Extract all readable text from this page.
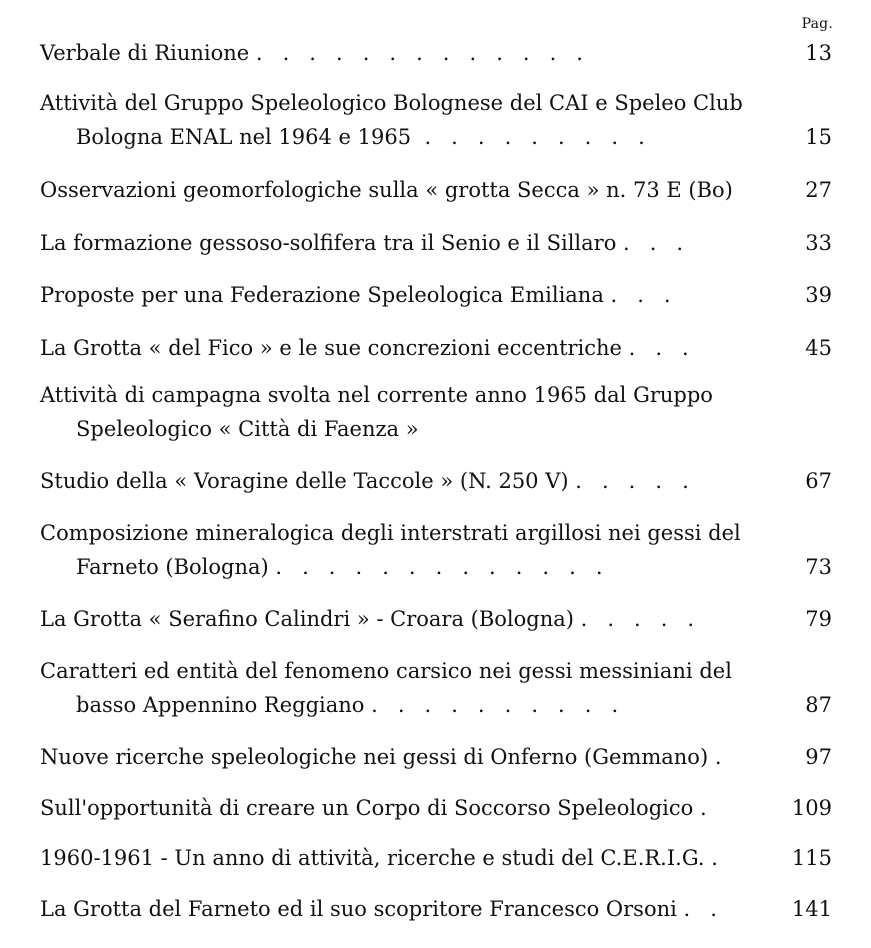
Pag.
Verbale di Riunione .   .   .   .   .   .   .   .   .   .   .   .   .	13
Attività del Gruppo Speleologico Bolognese del CAI e Speleo Club
Bologna ENAL nel 1964 e 1965  .   .   .   .   .   .   .   .   .	15
Osservazioni geomorfologiche sulla « grotta Secca » n. 73 E (Bo)	27
La formazione gessoso-solfifera tra il Senio e il Sillaro .   .   .	33
Proposte per una Federazione Speleologica Emiliana .   .   .	39
La Grotta « del Fico » e le sue concrezioni eccentriche .   .   .	45
Attività di campagna svolta nel corrente anno 1965 dal Gruppo
Speleologico « Città di Faenza »
Studio della « Voragine delle Taccole » (N. 250 V) .   .   .   .   .	67
Composizione mineralogica degli interstrati argillosi nei gessi del
Farneto (Bologna) .   .   .   .   .   .   .   .   .   .   .   .   .	73
La Grotta « Serafino Calindri » - Croara (Bologna) .   .   .   .   .	79
Caratteri ed entità del fenomeno carsico nei gessi messiniani del
basso Appennino Reggiano .   .   .   .   .   .   .   .   .   .	87
Nuove ricerche speleologiche nei gessi di Onferno (Gemmano) .	97
Sull'opportunità di creare un Corpo di Soccorso Speleologico .	109
1960-1961 - Un anno di attività, ricerche e studi del C.E.R.I.G. .	115
La Grotta del Farneto ed il suo scopritore Francesco Orsoni .   .	141
